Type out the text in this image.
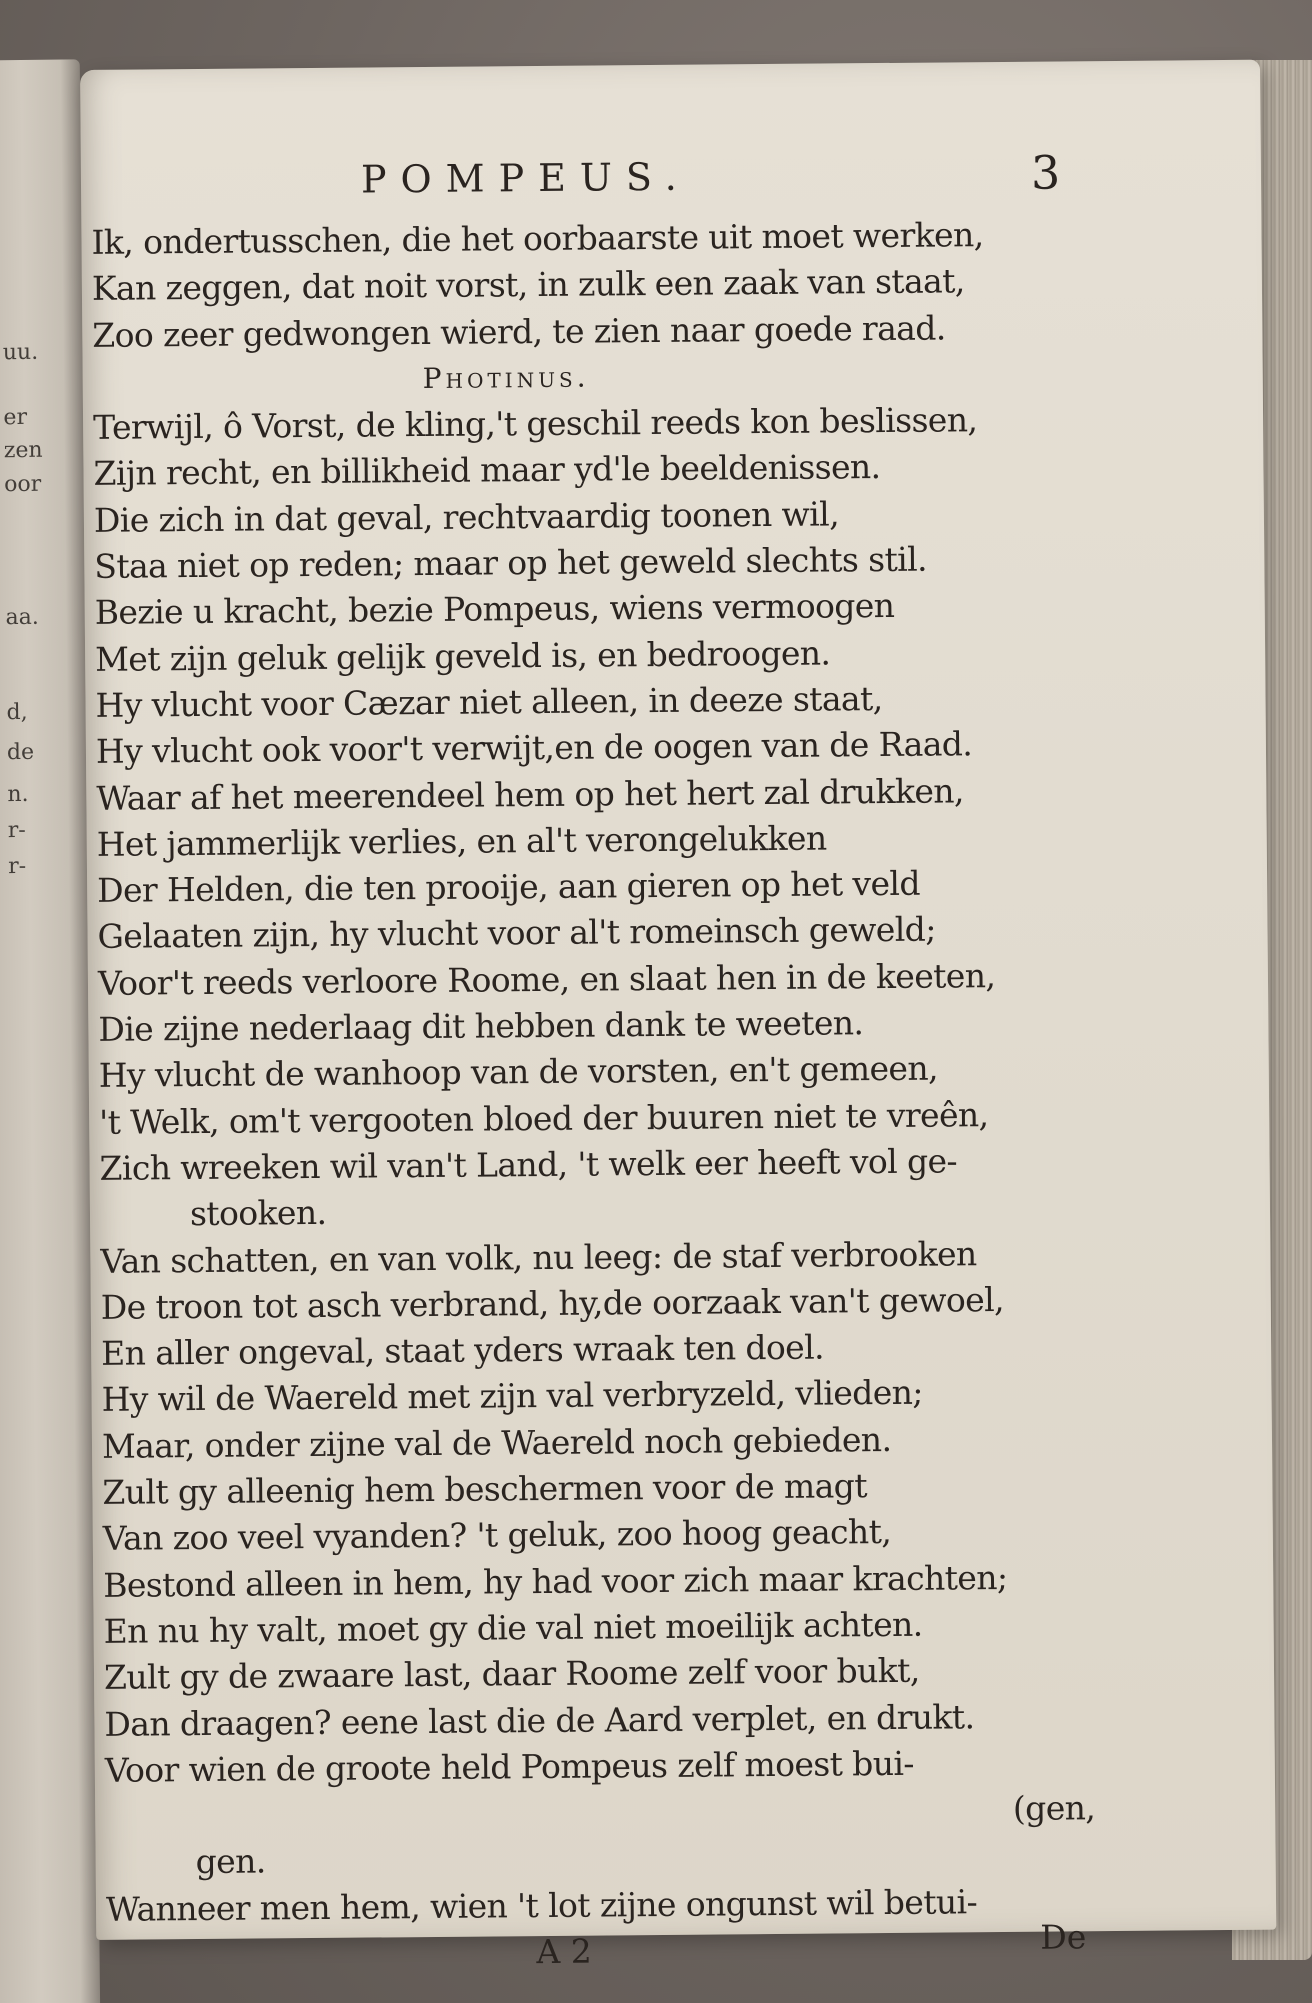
uu.
er
zen
oor
aa.
d,
de
n.
r-
r-
POMPEUS.	3
Ik, ondertusschen, die het oorbaarste uit moet werken,
Kan zeggen, dat noit vorst, in zulk een zaak van staat,
Zoo zeer gedwongen wierd, te zien naar goede raad.
Photinus.
Terwijl, ô Vorst, de kling,'t geschil reeds kon beslissen,
Zijn recht, en billikheid maar yd'le beeldenissen.
Die zich in dat geval, rechtvaardig toonen wil,
Staa niet op reden; maar op het geweld slechts stil.
Bezie u kracht, bezie Pompeus, wiens vermoogen
Met zijn geluk gelijk geveld is, en bedroogen.
Hy vlucht voor Cæzar niet alleen, in deeze staat,
Hy vlucht ook voor't verwijt,en de oogen van de Raad.
Waar af het meerendeel hem op het hert zal drukken,
Het jammerlijk verlies, en al't verongelukken
Der Helden, die ten prooije, aan gieren op het veld
Gelaaten zijn, hy vlucht voor al't romeinsch geweld;
Voor't reeds verloore Roome, en slaat hen in de keeten,
Die zijne nederlaag dit hebben dank te weeten.
Hy vlucht de wanhoop van de vorsten, en't gemeen,
't Welk, om't vergooten bloed der buuren niet te vreên,
Zich wreeken wil van't Land, 't welk eer heeft vol ge-
stooken.
Van schatten, en van volk, nu leeg: de staf verbrooken
De troon tot asch verbrand, hy,de oorzaak van't gewoel,
En aller ongeval, staat yders wraak ten doel.
Hy wil de Waereld met zijn val verbryzeld, vlieden;
Maar, onder zijne val de Waereld noch gebieden.
Zult gy alleenig hem beschermen voor de magt
Van zoo veel vyanden? 't geluk, zoo hoog geacht,
Bestond alleen in hem, hy had voor zich maar krachten;
En nu hy valt, moet gy die val niet moeilijk achten.
Zult gy de zwaare last, daar Roome zelf voor bukt,
Dan draagen? eene last die de Aard verplet, en drukt.
Voor wien de groote held Pompeus zelf moest bui-
(gen,
gen.
Wanneer men hem, wien 't lot zijne ongunst wil betui-
A 2	De
